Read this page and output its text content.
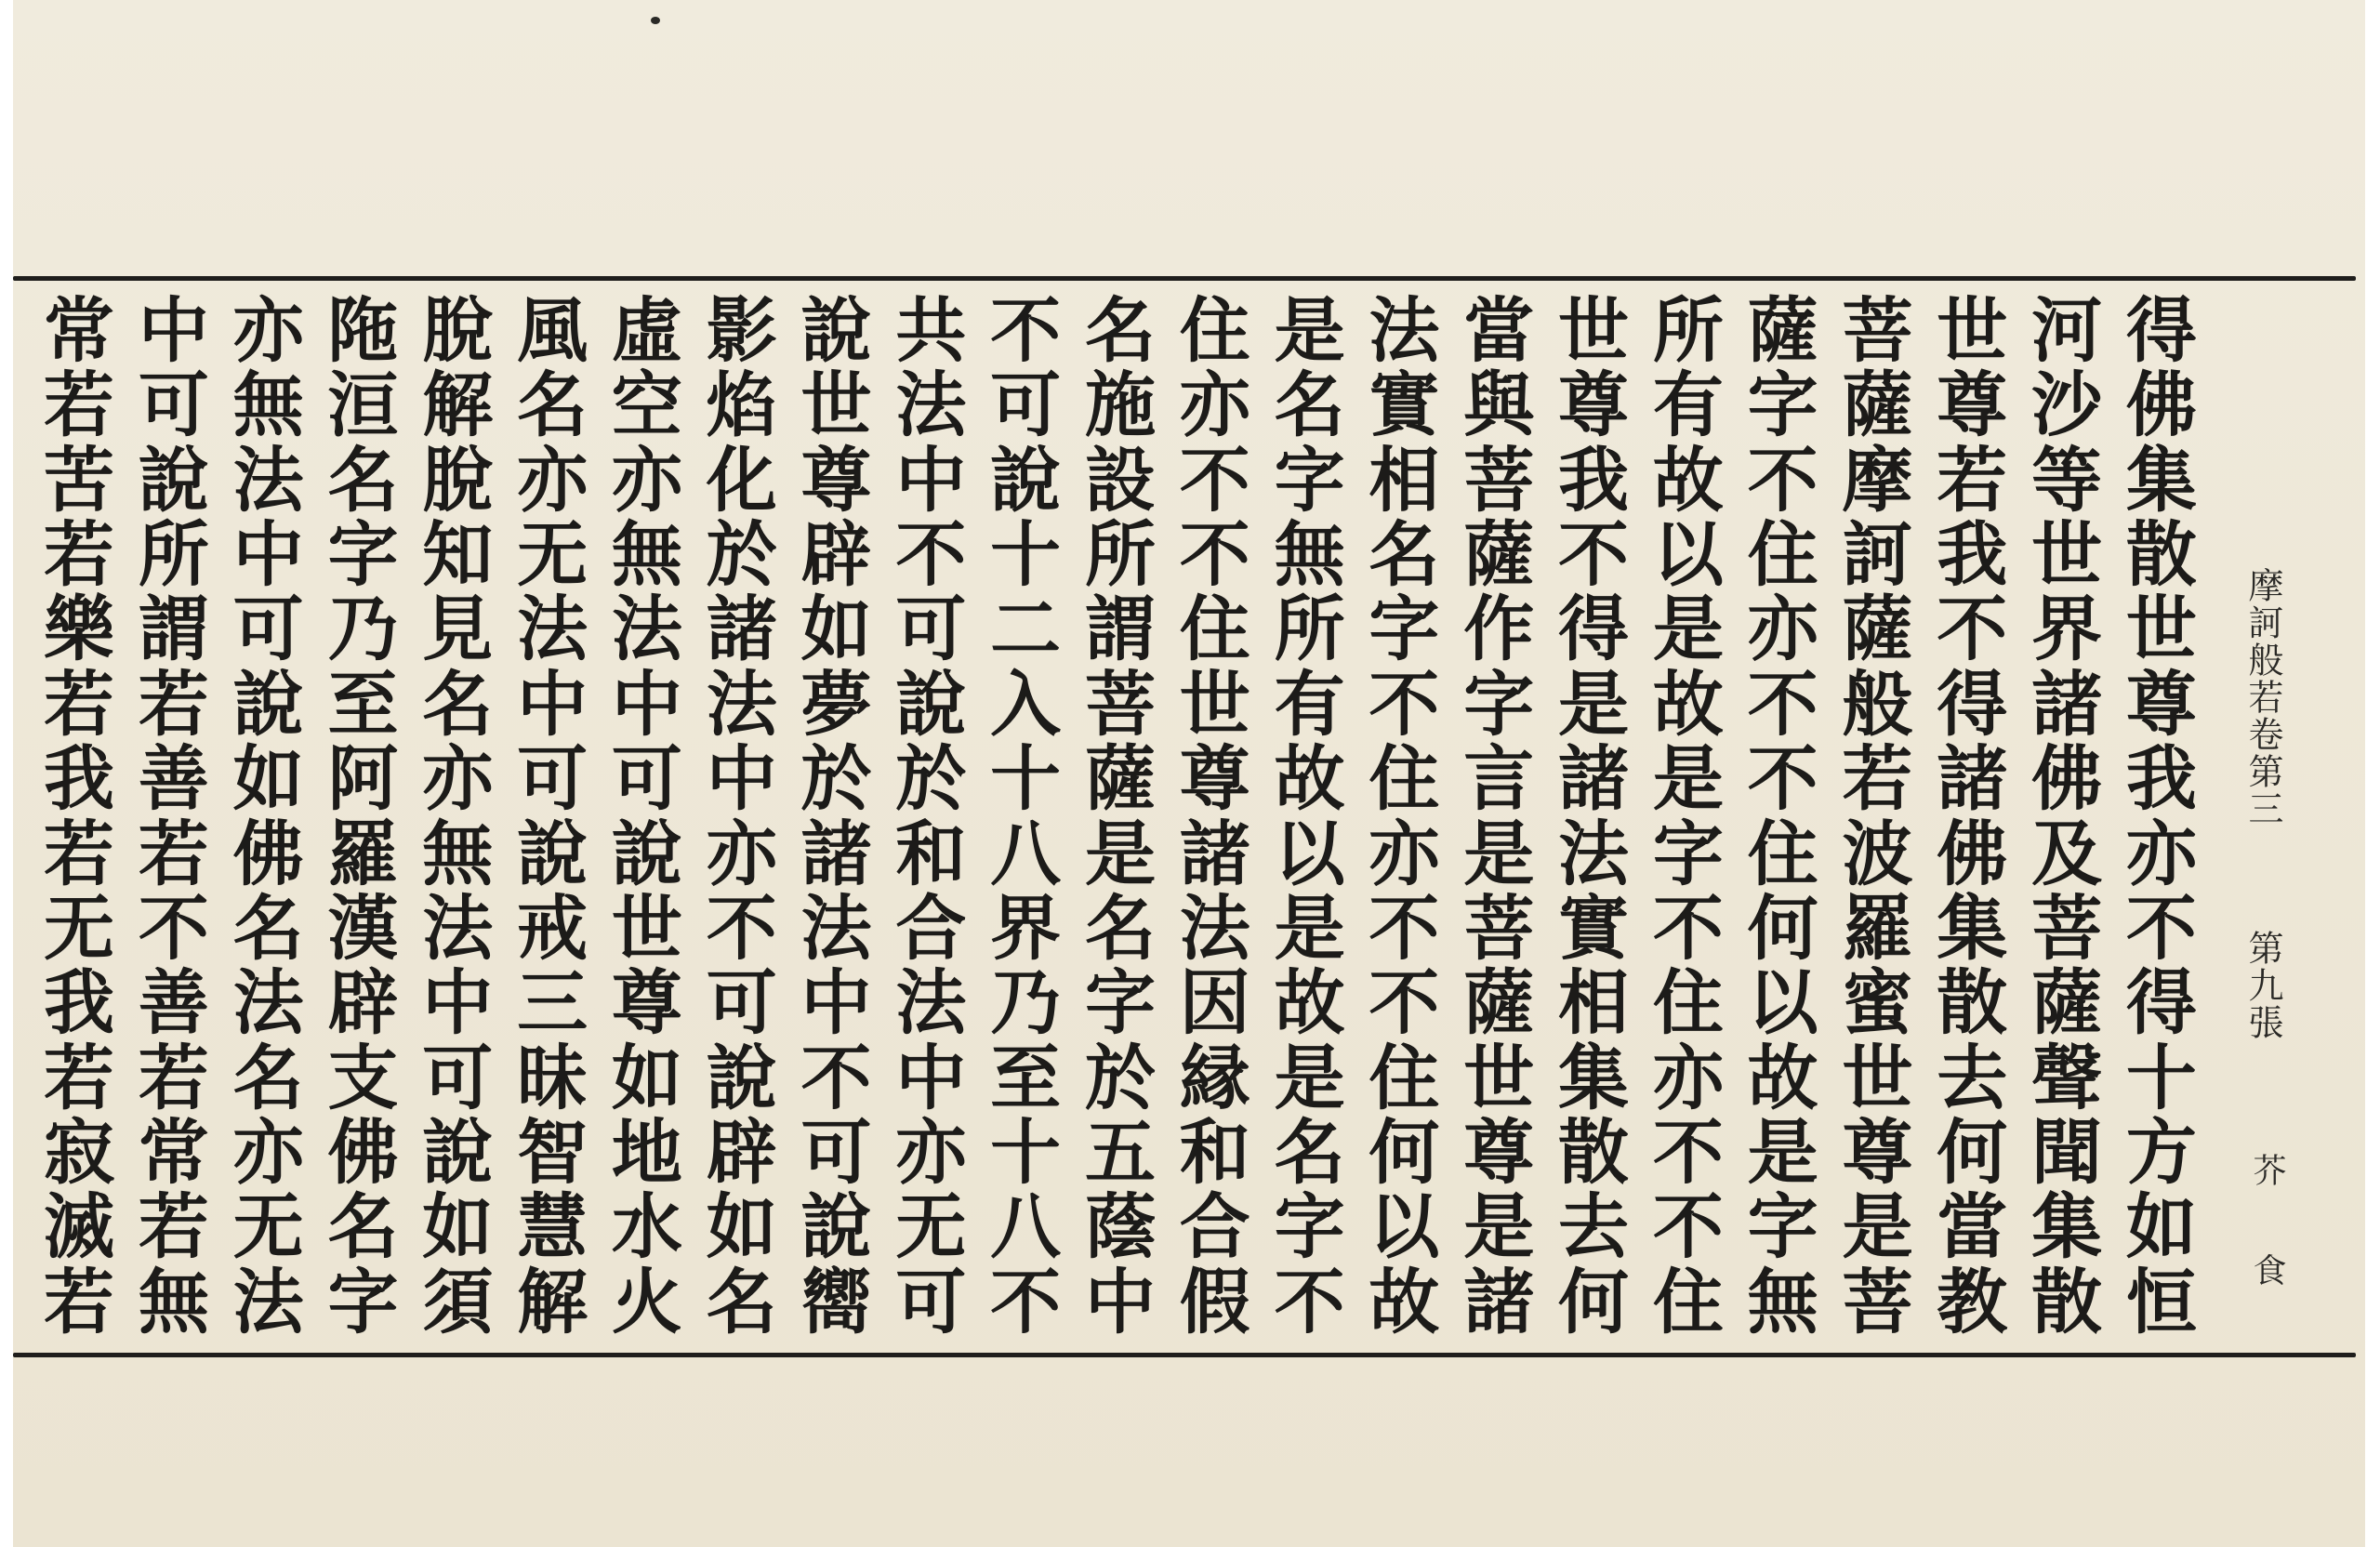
摩訶般若卷第三
第九張
芥 食
得
佛
集
散
世
尊
我
亦
不
得
十
方
如
恒
河
沙
等
世
界
諸
佛
及
菩
薩
聲
聞
集
散
世
尊
若
我
不
得
諸
佛
集
散
去
何
當
教
菩
薩
摩
訶
薩
般
若
波
羅
蜜
世
尊
是
菩
薩
字
不
住
亦
不
不
住
何
以
故
是
字
無
所
有
故
以
是
故
是
字
不
住
亦
不
不
住
世
尊
我
不
得
是
諸
法
實
相
集
散
去
何
當
與
菩
薩
作
字
言
是
菩
薩
世
尊
是
諸
法
實
相
名
字
不
住
亦
不
不
住
何
以
故
是
名
字
無
所
有
故
以
是
故
是
名
字
不
住
亦
不
不
住
世
尊
諸
法
因
縁
和
合
假
名
施
設
所
謂
菩
薩
是
名
字
於
五
蔭
中
不
可
說
十
二
入
十
八
界
乃
至
十
八
不
共
法
中
不
可
說
於
和
合
法
中
亦
无
可
說
世
尊
辟
如
夢
於
諸
法
中
不
可
說
嚮
影
焰
化
於
諸
法
中
亦
不
可
說
辟
如
名
虛
空
亦
無
法
中
可
說
世
尊
如
地
水
火
風
名
亦
无
法
中
可
說
戒
三
昧
智
慧
解
脫
解
脫
知
見
名
亦
無
法
中
可
說
如
須
陁
洹
名
字
乃
至
阿
羅
漢
辟
支
佛
名
字
亦
無
法
中
可
說
如
佛
名
法
名
亦
无
法
中
可
說
所
謂
若
善
若
不
善
若
常
若
無
常
若
苦
若
樂
若
我
若
无
我
若
寂
滅
若
